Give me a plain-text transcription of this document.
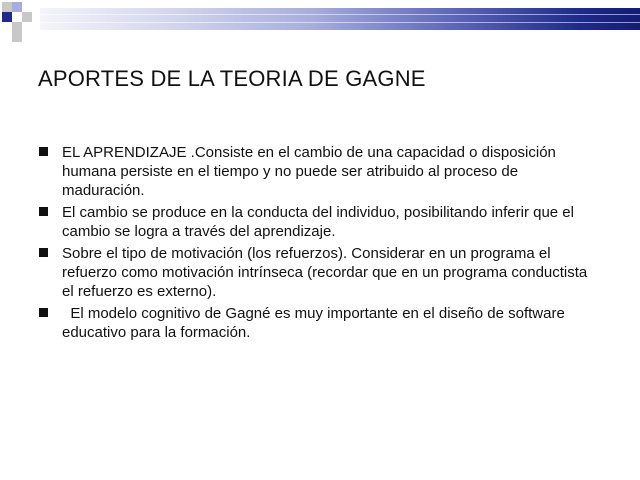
APORTES DE LA TEORIA DE GAGNE
EL APRENDIZAJE .Consiste en el cambio de una capacidad o disposición humana persiste en el tiempo y no puede ser atribuido al proceso de maduración.
El cambio se produce en la conducta del individuo, posibilitando inferir que el cambio se logra a través del aprendizaje.
Sobre el tipo de motivación (los refuerzos). Considerar en un programa el refuerzo como motivación intrínseca (recordar que en un programa conductista el refuerzo es externo).
El modelo cognitivo de Gagné es muy importante en el diseño de software educativo para la formación.
